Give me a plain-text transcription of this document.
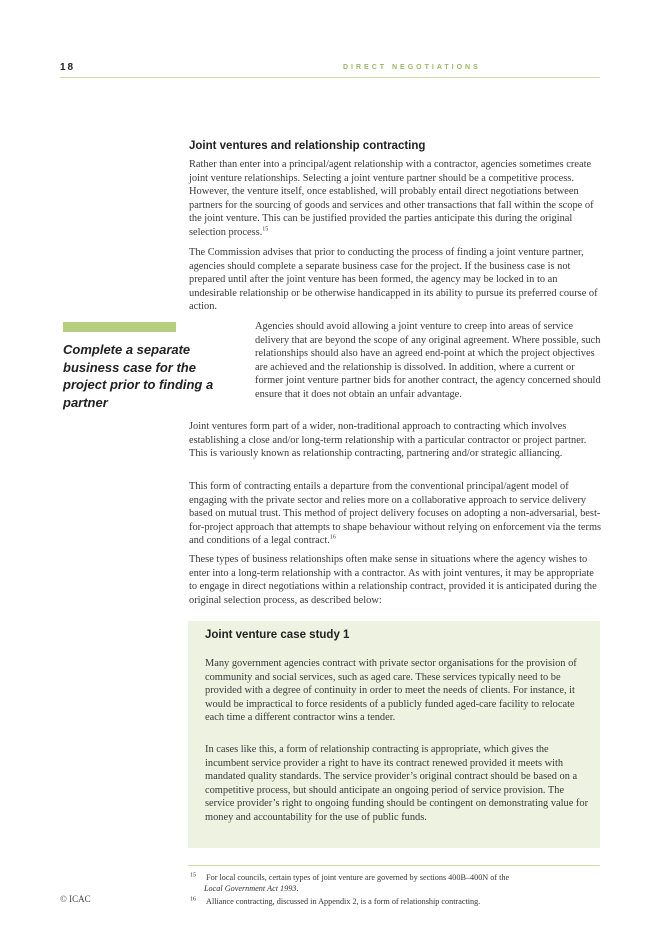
18	DIRECT NEGOTIATIONS
Joint ventures and relationship contracting

Rather than enter into a principal/agent relationship with a contractor, agencies sometimes create joint venture relationships. Selecting a joint venture partner should be a competitive process. However, the venture itself, once established, will probably entail direct negotiations between partners for the sourcing of goods and services and other transactions that fall within the scope of the joint venture. This can be justified provided the parties anticipate this during the original selection process.$^{15}$

The Commission advises that prior to conducting the process of finding a joint venture partner, agencies should complete a separate business case for the project. If the business case is not prepared until after the joint venture has been formed, the agency may be locked in to an undesirable relationship or be otherwise handicapped in its ability to pursue its preferred course of action.

Complete a separate business case for the project prior to finding a partner

Agencies should avoid allowing a joint venture to creep into areas of service delivery that are beyond the scope of any original agreement. Where possible, such relationships should also have an agreed end-point at which the project objectives are achieved and the relationship is dissolved. In addition, where a current or former joint venture partner bids for another contract, the agency concerned should ensure that it does not obtain an unfair advantage.

Joint ventures form part of a wider, non-traditional approach to contracting which involves establishing a close and/or long-term relationship with a particular contractor or project partner. This is variously known as relationship contracting, partnering and/or strategic alliancing.

This form of contracting entails a departure from the conventional principal/agent model of engaging with the private sector and relies more on a collaborative approach to service delivery based on mutual trust. This method of project delivery focuses on adopting a non-adversarial, best-for-project approach that attempts to shape behaviour without relying on enforcement via the terms and conditions of a legal contract.$^{16}$

These types of business relationships often make sense in situations where the agency wishes to enter into a long-term relationship with a contractor. As with joint ventures, it may be appropriate to engage in direct negotiations within a relationship contract, provided it is anticipated during the original selection process, as described below:

Joint venture case study 1

Many government agencies contract with private sector organisations for the provision of community and social services, such as aged care. These services typically need to be provided with a degree of continuity in order to meet the needs of clients. For instance, it would be impractical to force residents of a publicly funded aged-care facility to relocate each time a different contractor wins a tender.

In cases like this, a form of relationship contracting is appropriate, which gives the incumbent service provider a right to have its contract renewed provided it meets with mandated quality standards. The service provider’s original contract should be based on a competitive process, but should anticipate an ongoing period of service provision. The service provider’s right to ongoing funding should be contingent on demonstrating value for money and accountability for the use of public funds.

$^{15}$ For local councils, certain types of joint venture are governed by sections 400B–400N of the
Local Government Act 1993.
$^{16}$ Alliance contracting, discussed in Appendix 2, is a form of relationship contracting.
© ICAC
